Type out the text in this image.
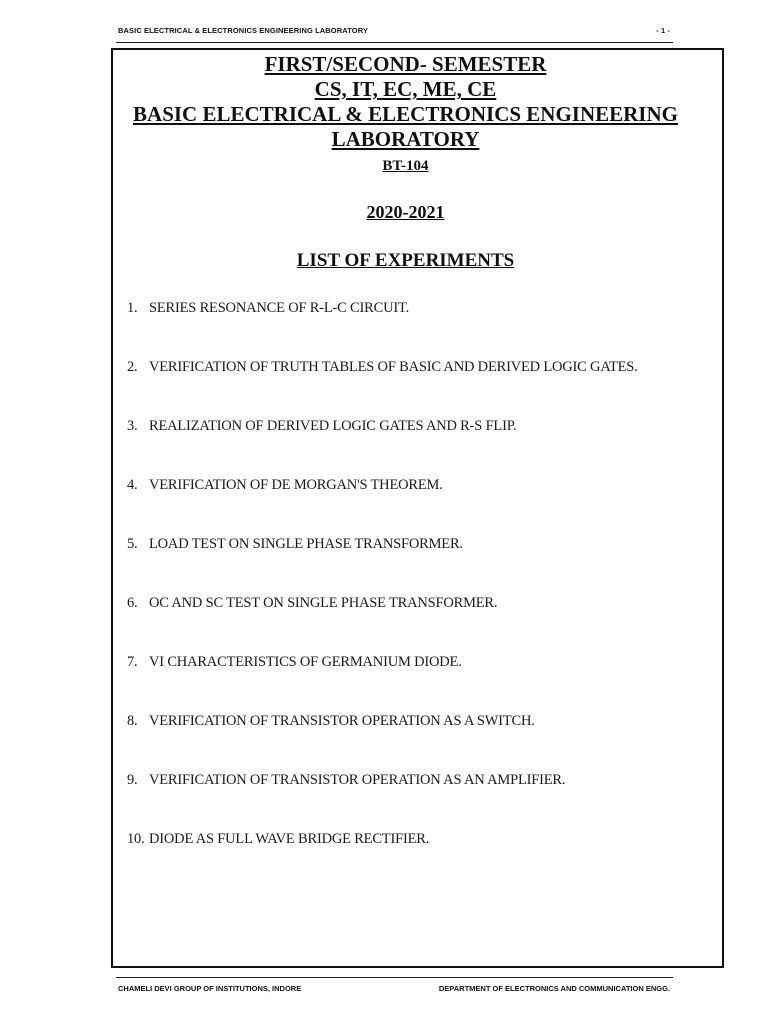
BASIC ELECTRICAL & ELECTRONICS ENGINEERING LABORATORY	- 1 -
FIRST/SECOND- SEMESTER
CS, IT, EC, ME, CE
BASIC ELECTRICAL & ELECTRONICS ENGINEERING
LABORATORY
BT-104
2020-2021
LIST OF EXPERIMENTS
1. SERIES RESONANCE OF R-L-C CIRCUIT.
2. VERIFICATION OF TRUTH TABLES OF BASIC AND DERIVED LOGIC GATES.
3. REALIZATION OF DERIVED LOGIC GATES AND R-S FLIP.
4. VERIFICATION OF DE MORGAN'S THEOREM.
5. LOAD TEST ON SINGLE PHASE TRANSFORMER.
6. OC AND SC TEST ON SINGLE PHASE TRANSFORMER.
7. VI CHARACTERISTICS OF GERMANIUM DIODE.
8. VERIFICATION OF TRANSISTOR OPERATION AS A SWITCH.
9. VERIFICATION OF TRANSISTOR OPERATION AS AN AMPLIFIER.
10. DIODE AS FULL WAVE BRIDGE RECTIFIER.
CHAMELI DEVI GROUP OF INSTITUTIONS, INDORE	DEPARTMENT OF ELECTRONICS AND COMMUNICATION ENGG.
